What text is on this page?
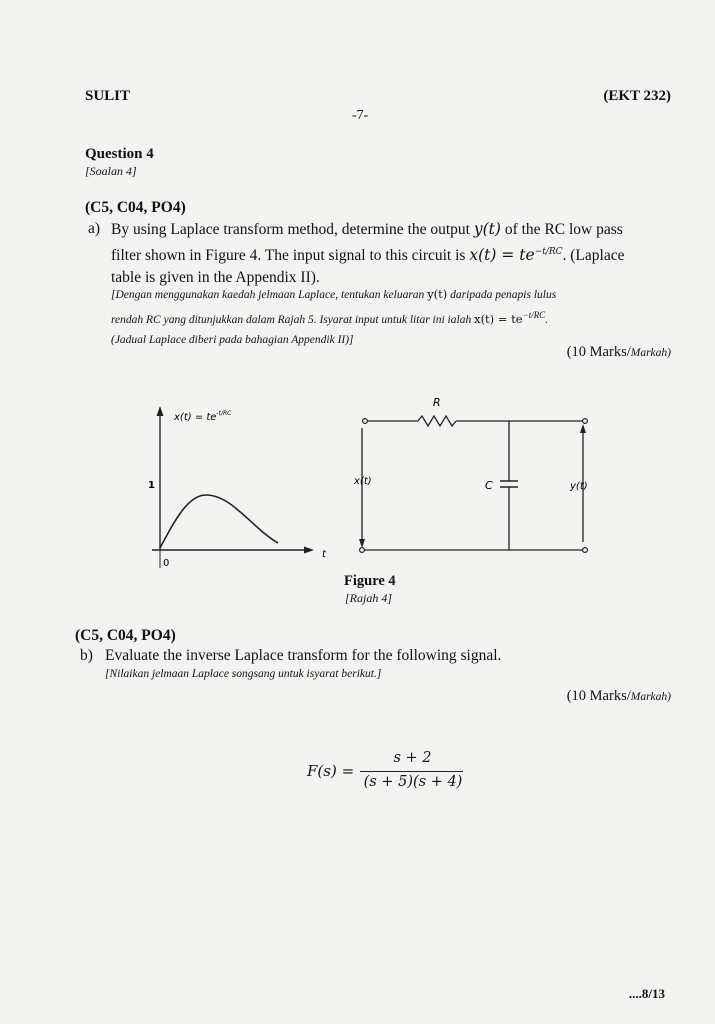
SULIT
-7-
(EKT 232)
Question 4
[Soalan 4]
(C5, C04, PO4)
a) By using Laplace transform method, determine the output y(t) of the RC low pass
filter shown in Figure 4. The input signal to this circuit is $x(t) = te^{-t/RC}$. (Laplace
table is given in the Appendix II).
[Dengan menggunakan kaedah jelmaan Laplace, tentukan keluaran y(t) daripada penapis lulus
rendah RC yang ditunjukkan dalam Rajah 5. Isyarat input untuk litar ini ialah $x(t) = te^{-t/RC}$.
(Jadual Laplace diberi pada bahagian Appendik II)]
(10 Marks/Markah)
$x(t) = te^{-t/RC}$
1
0
t
R
x(t)	C	y(t)
Figure 4
[Rajah 4]
(C5, C04, PO4)
b) Evaluate the inverse Laplace transform for the following signal.
[Nilaikan jelmaan Laplace songsang untuk isyarat berikut.]
(10 Marks/Markah)
F(s) =
s + 2
(s + 5)(s + 4)
....8/13
